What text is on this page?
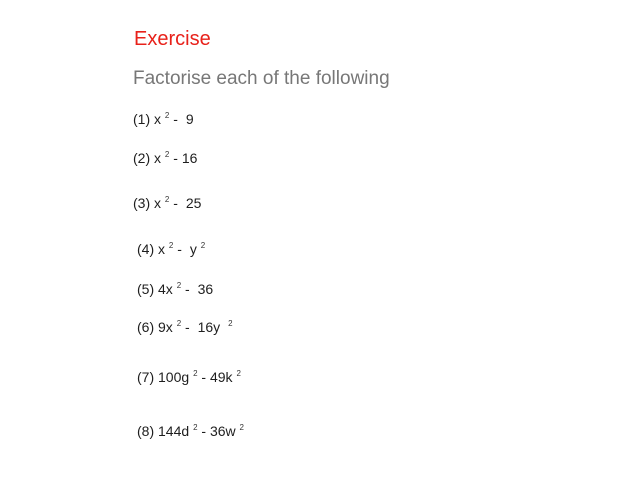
Exercise
Factorise each of the following
(1) x $^2$ - 9
(2) x $^2$ - 16
(3) x $^2$ - 25
(4) x $^2$ - y $^2$
(5) 4x $^2$ - 36
(6) 9x $^2$ - 16y $^2$
(7) 100g $^2$ - 49k $^2$
(8) 144d $^2$ - 36w $^2$
